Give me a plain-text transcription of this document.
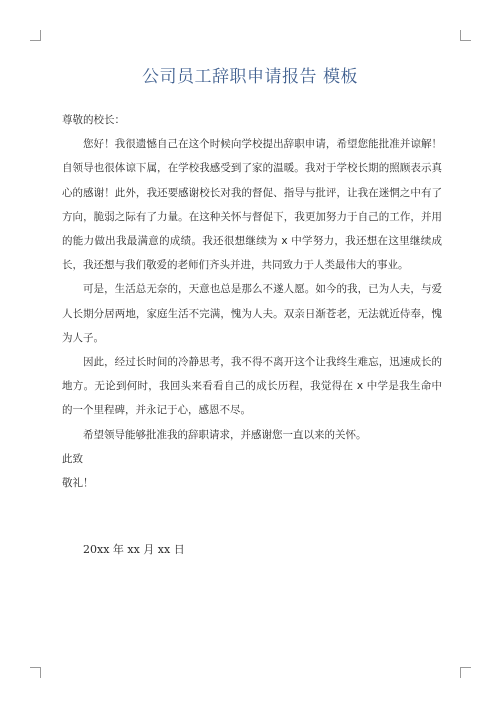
公司员工辞职申请报告 模板

尊敬的校长：

您好！我很遗憾自己在这个时候向学校提出辞职申请，希望您能批准并谅解！自领导也很体谅下属，在学校我感受到了家的温暖。我对于学校长期的照顾表示真心的感谢！此外，我还要感谢校长对我的督促、指导与批评，让我在迷惘之中有了方向，脆弱之际有了力量。在这种关怀与督促下，我更加努力于自己的工作，并用的能力做出我最满意的成绩。我还很想继续为 x 中学努力，我还想在这里继续成长，我还想与我们敬爱的老师们齐头并进，共同致力于人类最伟大的事业。

可是，生活总无奈的，天意也总是那么不遂人愿。如今的我，已为人夫，与爱人长期分居两地，家庭生活不完满，愧为人夫。双亲日渐苍老，无法就近侍奉，愧为人子。

因此，经过长时间的冷静思考，我不得不离开这个让我终生难忘，迅速成长的地方。无论到何时，我回头来看看自己的成长历程，我觉得在 x 中学是我生命中的一个里程碑，并永记于心，感恩不尽。

希望领导能够批准我的辞职请求，并感谢您一直以来的关怀。

此致

敬礼！

20xx 年 xx 月 xx 日
